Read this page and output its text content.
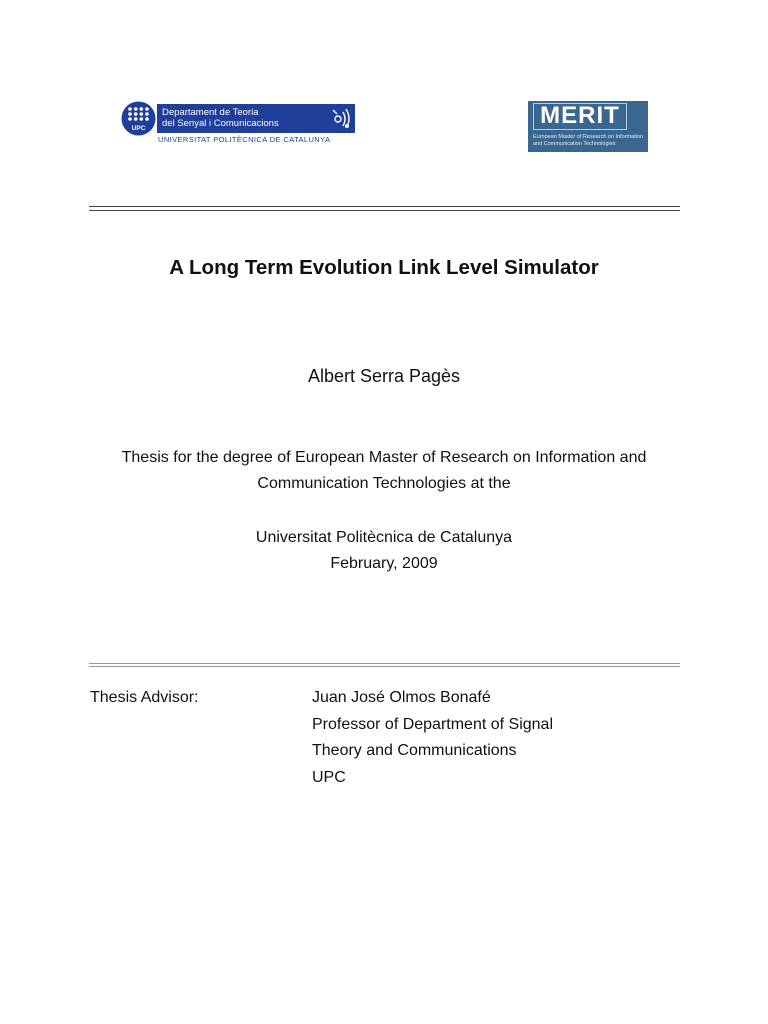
UPC
Departament de Teoria
del Senyal i Comunicacions
UNIVERSITAT POLITÈCNICA DE CATALUNYA
MERIT
European Master of Research on Information
and Communication Technologies
A Long Term Evolution Link Level Simulator
Albert Serra Pagès
Thesis for the degree of European Master of Research on Information and
Communication Technologies at the
Universitat Politècnica de Catalunya
February, 2009
Thesis Advisor:	Juan José Olmos Bonafé
Professor of Department of Signal
Theory and Communications
UPC
